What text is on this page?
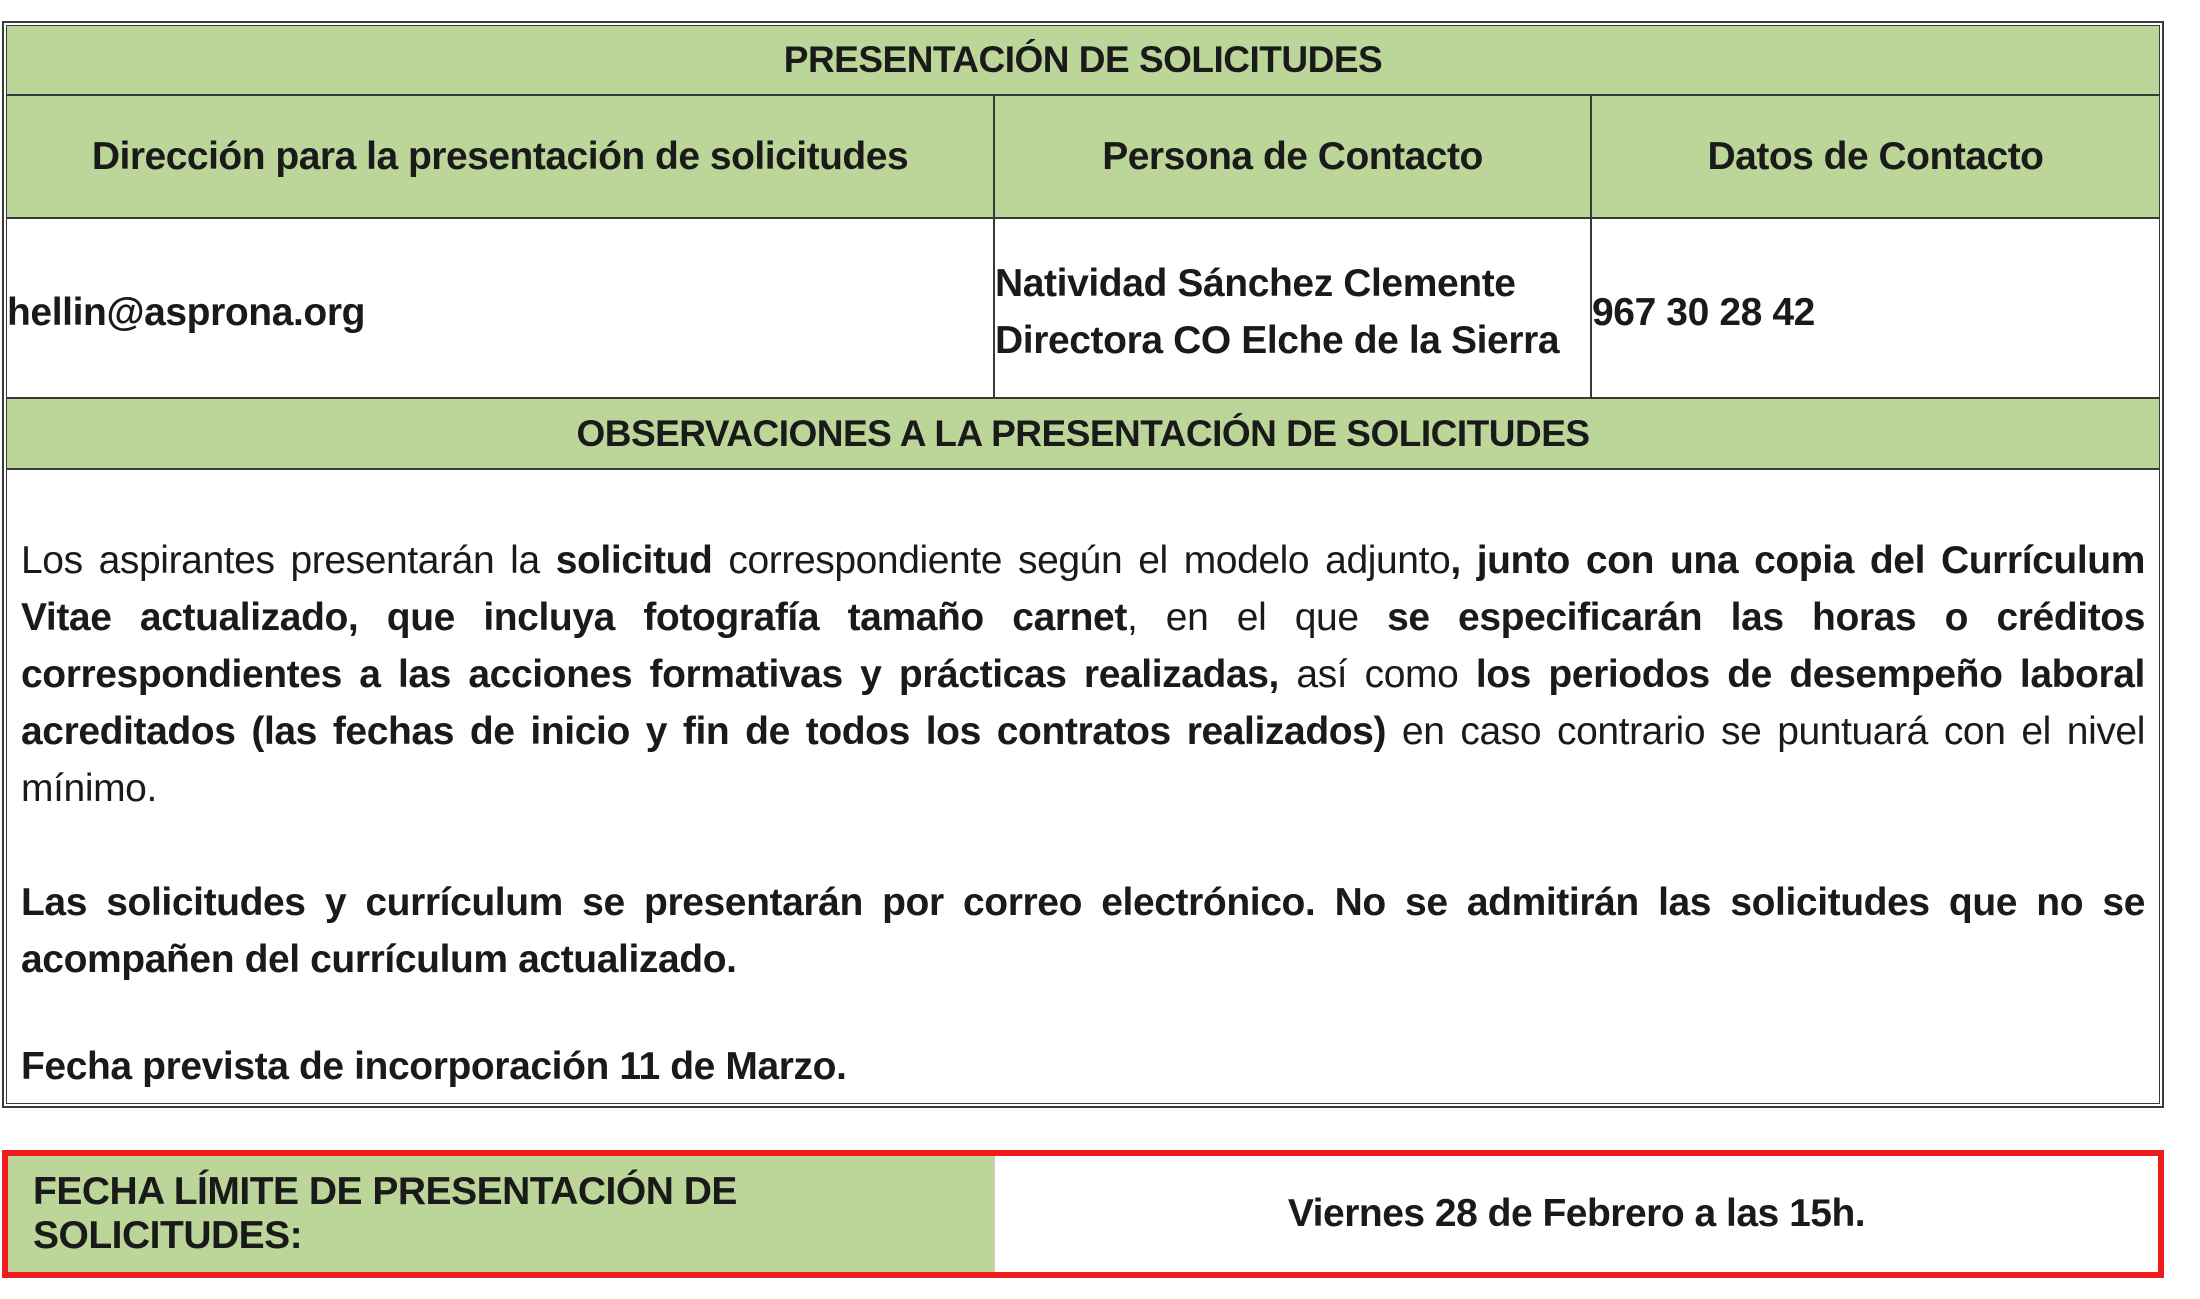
PRESENTACIÓN DE SOLICITUDES
Dirección para la presentación de solicitudes	Persona de Contacto	Datos de Contacto
hellin@asprona.org
Natividad Sánchez Clemente
Directora CO Elche de la Sierra
967 30 28 42
OBSERVACIONES A LA PRESENTACIÓN DE SOLICITUDES

Los aspirantes presentarán la solicitud correspondiente según el modelo adjunto, junto con una copia del Currículum Vitae actualizado, que incluya fotografía tamaño carnet, en el que se especificarán las horas o créditos correspondientes a las acciones formativas y prácticas realizadas, así como los periodos de desempeño laboral acreditados (las fechas de inicio y fin de todos los contratos realizados) en caso contrario se puntuará con el nivel mínimo.

Las solicitudes y currículum se presentarán por correo electrónico. No se admitirán las solicitudes que no se acompañen del currículum actualizado.

Fecha prevista de incorporación 11 de Marzo.

FECHA LÍMITE DE PRESENTACIÓN DE SOLICITUDES:
Viernes 28 de Febrero a las 15h.
